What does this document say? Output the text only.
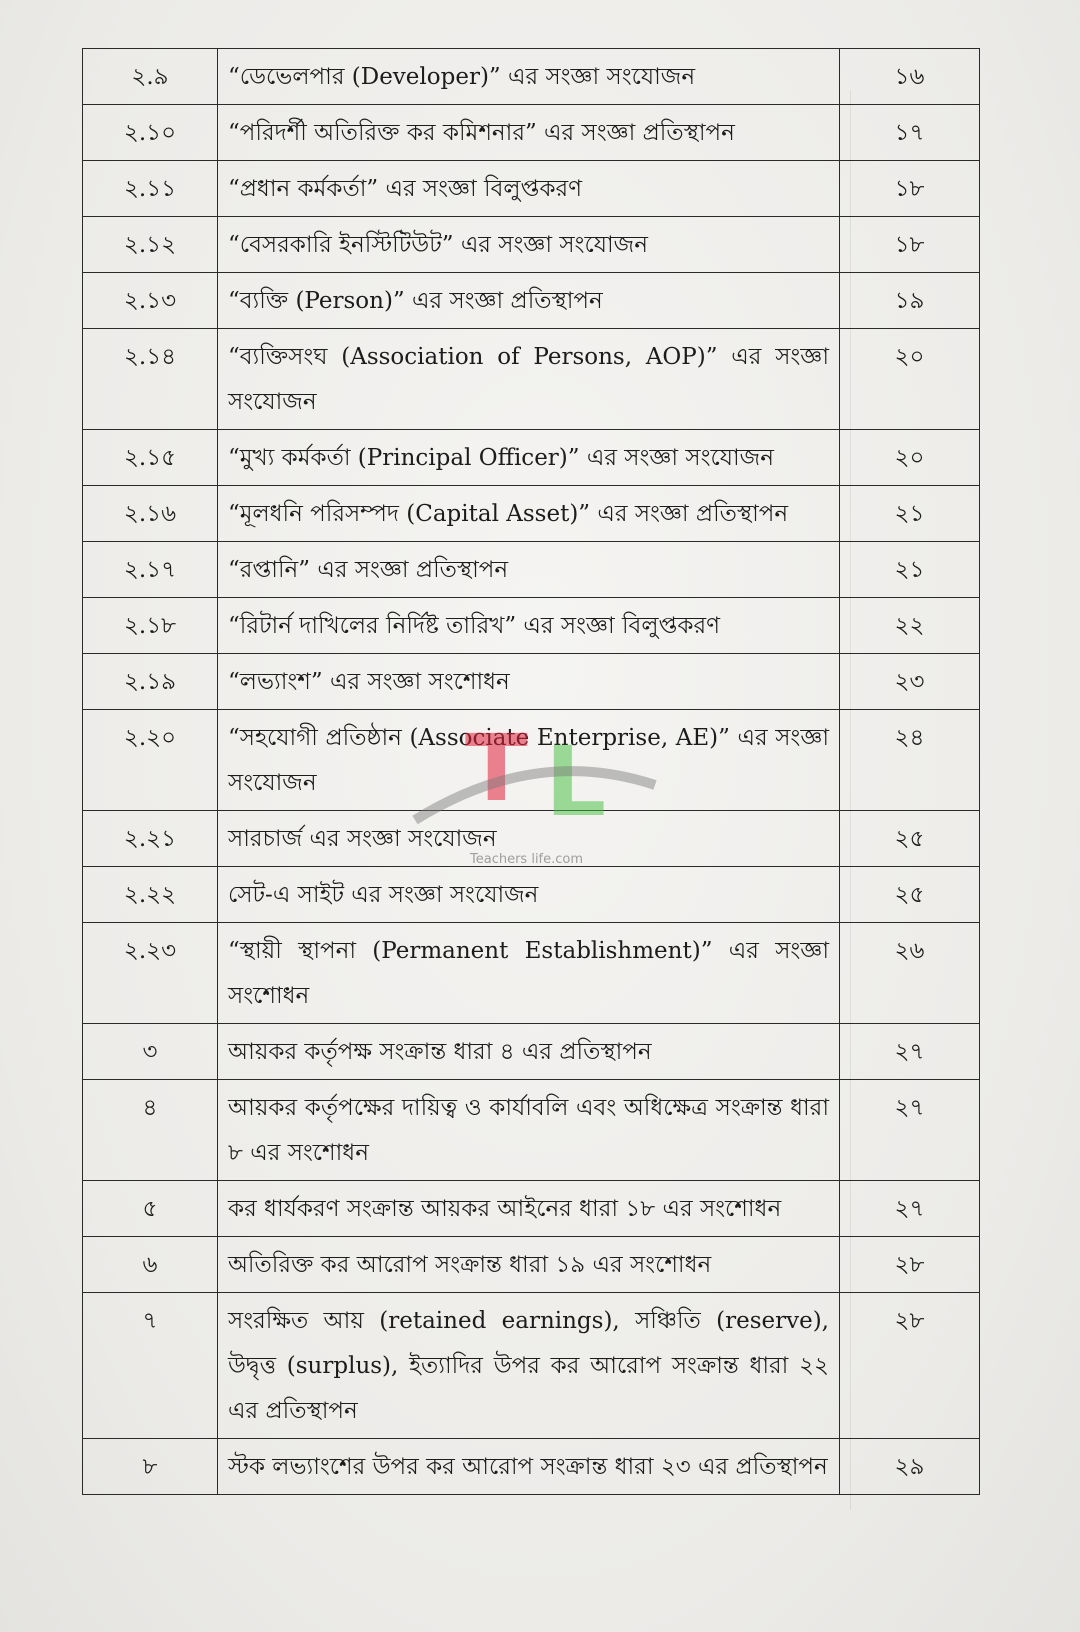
২.৯	“ডেভেলপার (Developer)” এর সংজ্ঞা সংযোজন	১৬
২.১০	“পরিদর্শী অতিরিক্ত কর কমিশনার” এর সংজ্ঞা প্রতিস্থাপন	১৭
২.১১	“প্রধান কর্মকর্তা” এর সংজ্ঞা বিলুপ্তকরণ	১৮
২.১২	“বেসরকারি ইনস্টিটিউট” এর সংজ্ঞা সংযোজন	১৮
২.১৩	“ব্যক্তি (Person)” এর সংজ্ঞা প্রতিস্থাপন	১৯
২.১৪	“ব্যক্তিসংঘ (Association of Persons, AOP)” এর সংজ্ঞা সংযোজন	২০
২.১৫	“মুখ্য কর্মকর্তা (Principal Officer)” এর সংজ্ঞা সংযোজন	২০
২.১৬	“মূলধনি পরিসম্পদ (Capital Asset)” এর সংজ্ঞা প্রতিস্থাপন	২১
২.১৭	“রপ্তানি” এর সংজ্ঞা প্রতিস্থাপন	২১
২.১৮	“রিটার্ন দাখিলের নির্দিষ্ট তারিখ” এর সংজ্ঞা বিলুপ্তকরণ	২২
২.১৯	“লভ্যাংশ” এর সংজ্ঞা সংশোধন	২৩
২.২০	“সহযোগী প্রতিষ্ঠান (Associate Enterprise, AE)” এর সংজ্ঞা সংযোজন	২৪
২.২১	সারচার্জ এর সংজ্ঞা সংযোজন	২৫
২.২২	সেট-এ সাইট এর সংজ্ঞা সংযোজন	২৫
২.২৩	“স্থায়ী স্থাপনা (Permanent Establishment)” এর সংজ্ঞা সংশোধন	২৬
৩	আয়কর কর্তৃপক্ষ সংক্রান্ত ধারা ৪ এর প্রতিস্থাপন	২৭
৪	আয়কর কর্তৃপক্ষের দায়িত্ব ও কার্যাবলি এবং অধিক্ষেত্র সংক্রান্ত ধারা ৮ এর সংশোধন	২৭
৫	কর ধার্যকরণ সংক্রান্ত আয়কর আইনের ধারা ১৮ এর সংশোধন	২৭
৬	অতিরিক্ত কর আরোপ সংক্রান্ত ধারা ১৯ এর সংশোধন	২৮
৭	সংরক্ষিত আয় (retained earnings), সঞ্চিতি (reserve), উদ্বৃত্ত (surplus), ইত্যাদির উপর কর আরোপ সংক্রান্ত ধারা ২২ এর প্রতিস্থাপন	২৮
৮	স্টক লভ্যাংশের উপর কর আরোপ সংক্রান্ত ধারা ২৩ এর প্রতিস্থাপন	২৯
T L
Teachers life.com
